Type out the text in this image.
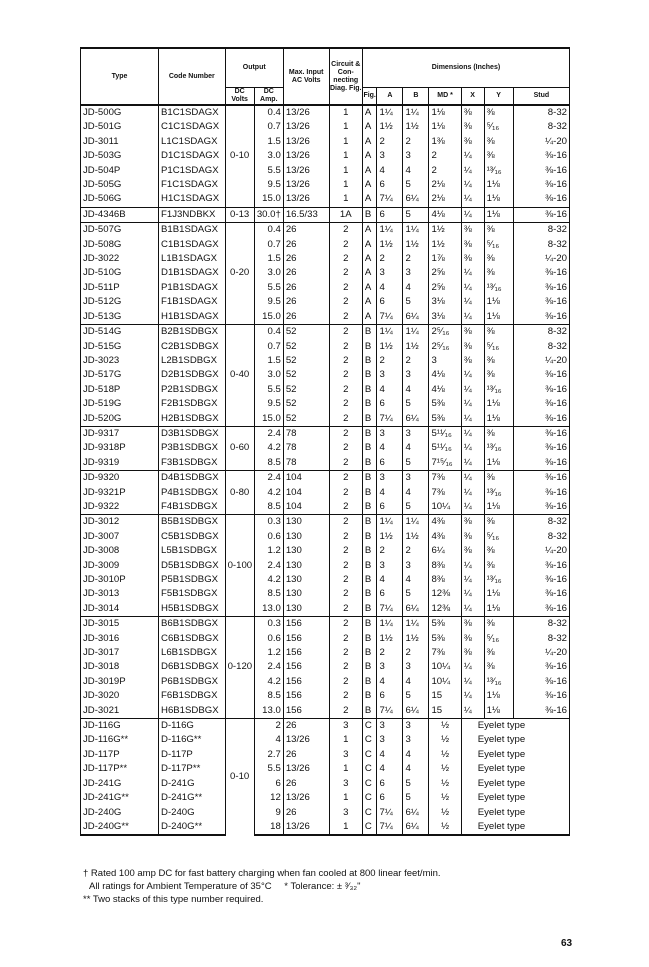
Type	Code Number	Output		Max. Input AC Volts	Circuit & Con-necting Diag. Fig.	Dimensions (Inches)						
		DC Volts	DC Amp.			Fig.	A	B	MD *	X	Y	Stud
JD-500G	B1C1SDAGX	0-10	0.4	13/26	1	A	1¼	1¼	1⅛	⅜	⅜	8-32
JD-501G	C1C1SDAGX		0.7	13/26	1	A	1½	1½	1⅛	⅜	⁵⁄₁₆	8-32
JD-3011	L1C1SDAGX		1.5	13/26	1	A	2	2	1⅜	⅜	⅜	¼-20
JD-503G	D1C1SDAGX		3.0	13/26	1	A	3	3	2	¼	⅜	⅜-16
JD-504P	P1C1SDAGX		5.5	13/26	1	A	4	4	2	¼	¹³⁄₁₆	⅜-16
JD-505G	F1C1SDAGX		9.5	13/26	1	A	6	5	2⅛	¼	1⅛	⅜-16
JD-506G	H1C1SDAGX		15.0	13/26	1	A	7¼	6¼	2⅛	¼	1⅛	⅜-16
JD-4346B	F1J3NDBKX	0-13	30.0†	16.5/33	1A	B	6	5	4⅛	¼	1⅛	⅜-16
JD-507G	B1B1SDAGX	0-20	0.4	26	2	A	1¼	1¼	1½	⅜	⅜	8-32
JD-508G	C1B1SDAGX		0.7	26	2	A	1½	1½	1½	⅜	⁵⁄₁₆	8-32
JD-3022	L1B1SDAGX		1.5	26	2	A	2	2	1⅞	⅜	⅜	¼-20
JD-510G	D1B1SDAGX		3.0	26	2	A	3	3	2⅝	¼	⅜	⅜-16
JD-511P	P1B1SDAGX		5.5	26	2	A	4	4	2⅝	¼	¹³⁄₁₆	⅜-16
JD-512G	F1B1SDAGX		9.5	26	2	A	6	5	3⅛	¼	1⅛	⅜-16
JD-513G	H1B1SDAGX		15.0	26	2	A	7¼	6¼	3⅛	¼	1⅛	⅜-16
JD-514G	B2B1SDBGX	0-40	0.4	52	2	B	1¼	1¼	2⁵⁄₁₆	⅜	⅜	8-32
JD-515G	C2B1SDBGX		0.7	52	2	B	1½	1½	2⁵⁄₁₆	⅜	⁵⁄₁₆	8-32
JD-3023	L2B1SDBGX		1.5	52	2	B	2	2	3	⅜	⅜	¼-20
JD-517G	D2B1SDBGX		3.0	52	2	B	3	3	4⅛	¼	⅜	⅜-16
JD-518P	P2B1SDBGX		5.5	52	2	B	4	4	4⅛	¼	¹³⁄₁₆	⅜-16
JD-519G	F2B1SDBGX		9.5	52	2	B	6	5	5⅜	¼	1⅛	⅜-16
JD-520G	H2B1SDBGX		15.0	52	2	B	7¼	6¼	5⅜	¼	1⅛	⅜-16
JD-9317	D3B1SDBGX	0-60	2.4	78	2	B	3	3	5¹¹⁄₁₆	¼	⅜	⅜-16
JD-9318P	P3B1SDBGX		4.2	78	2	B	4	4	5¹¹⁄₁₆	¼	¹³⁄₁₆	⅜-16
JD-9319	F3B1SDBGX		8.5	78	2	B	6	5	7¹⁵⁄₁₆	¼	1⅛	⅜-16
JD-9320	D4B1SDBGX	0-80	2.4	104	2	B	3	3	7⅜	¼	⅜	⅜-16
JD-9321P	P4B1SDBGX		4.2	104	2	B	4	4	7⅜	¼	¹³⁄₁₆	⅜-16
JD-9322	F4B1SDBGX		8.5	104	2	B	6	5	10¼	¼	1⅛	⅜-16
JD-3012	B5B1SDBGX	0-100	0.3	130	2	B	1¼	1¼	4⅜	⅜	⅜	8-32
JD-3007	C5B1SDBGX		0.6	130	2	B	1½	1½	4⅜	⅜	⁵⁄₁₆	8-32
JD-3008	L5B1SDBGX		1.2	130	2	B	2	2	6¼	⅜	⅜	¼-20
JD-3009	D5B1SDBGX		2.4	130	2	B	3	3	8⅜	¼	⅜	⅜-16
JD-3010P	P5B1SDBGX		4.2	130	2	B	4	4	8⅜	¼	¹³⁄₁₆	⅜-16
JD-3013	F5B1SDBGX		8.5	130	2	B	6	5	12⅜	¼	1⅛	⅜-16
JD-3014	H5B1SDBGX		13.0	130	2	B	7¼	6¼	12⅜	¼	1⅛	⅜-16
JD-3015	B6B1SDBGX	0-120	0.3	156	2	B	1¼	1¼	5⅜	⅜	⅜	8-32
JD-3016	C6B1SDBGX		0.6	156	2	B	1½	1½	5⅜	⅜	⁵⁄₁₆	8-32
JD-3017	L6B1SDBGX		1.2	156	2	B	2	2	7⅜	⅜	⅜	¼-20
JD-3018	D6B1SDBGX		2.4	156	2	B	3	3	10¼	¼	⅜	⅜-16
JD-3019P	P6B1SDBGX		4.2	156	2	B	4	4	10¼	¼	¹³⁄₁₆	⅜-16
JD-3020	F6B1SDBGX		8.5	156	2	B	6	5	15	¼	1⅛	⅜-16
JD-3021	H6B1SDBGX		13.0	156	2	B	7¼	6¼	15	¼	1⅛	⅜-16
JD-116G	D-116G	0-10	2	26	3	C	3	3	½	Eyelet type		
JD-116G**	D-116G**		4	13/26	1	C	3	3	½	Eyelet type		
JD-117P	D-117P		2.7	26	3	C	4	4	½	Eyelet type		
JD-117P**	D-117P**		5.5	13/26	1	C	4	4	½	Eyelet type		
JD-241G	D-241G		6	26	3	C	6	5	½	Eyelet type		
JD-241G**	D-241G**		12	13/26	1	C	6	5	½	Eyelet type		
JD-240G	D-240G		9	26	3	C	7¼	6¼	½	Eyelet type		
JD-240G**	D-240G**		18	13/26	1	C	7¼	6¼	½	Eyelet type		
† Rated 100 amp DC for fast battery charging when fan cooled at 800 linear feet/min.
All ratings for Ambient Temperature of 35°C * Tolerance: ± ³⁄₃₂"
** Two stacks of this type number required.
63
